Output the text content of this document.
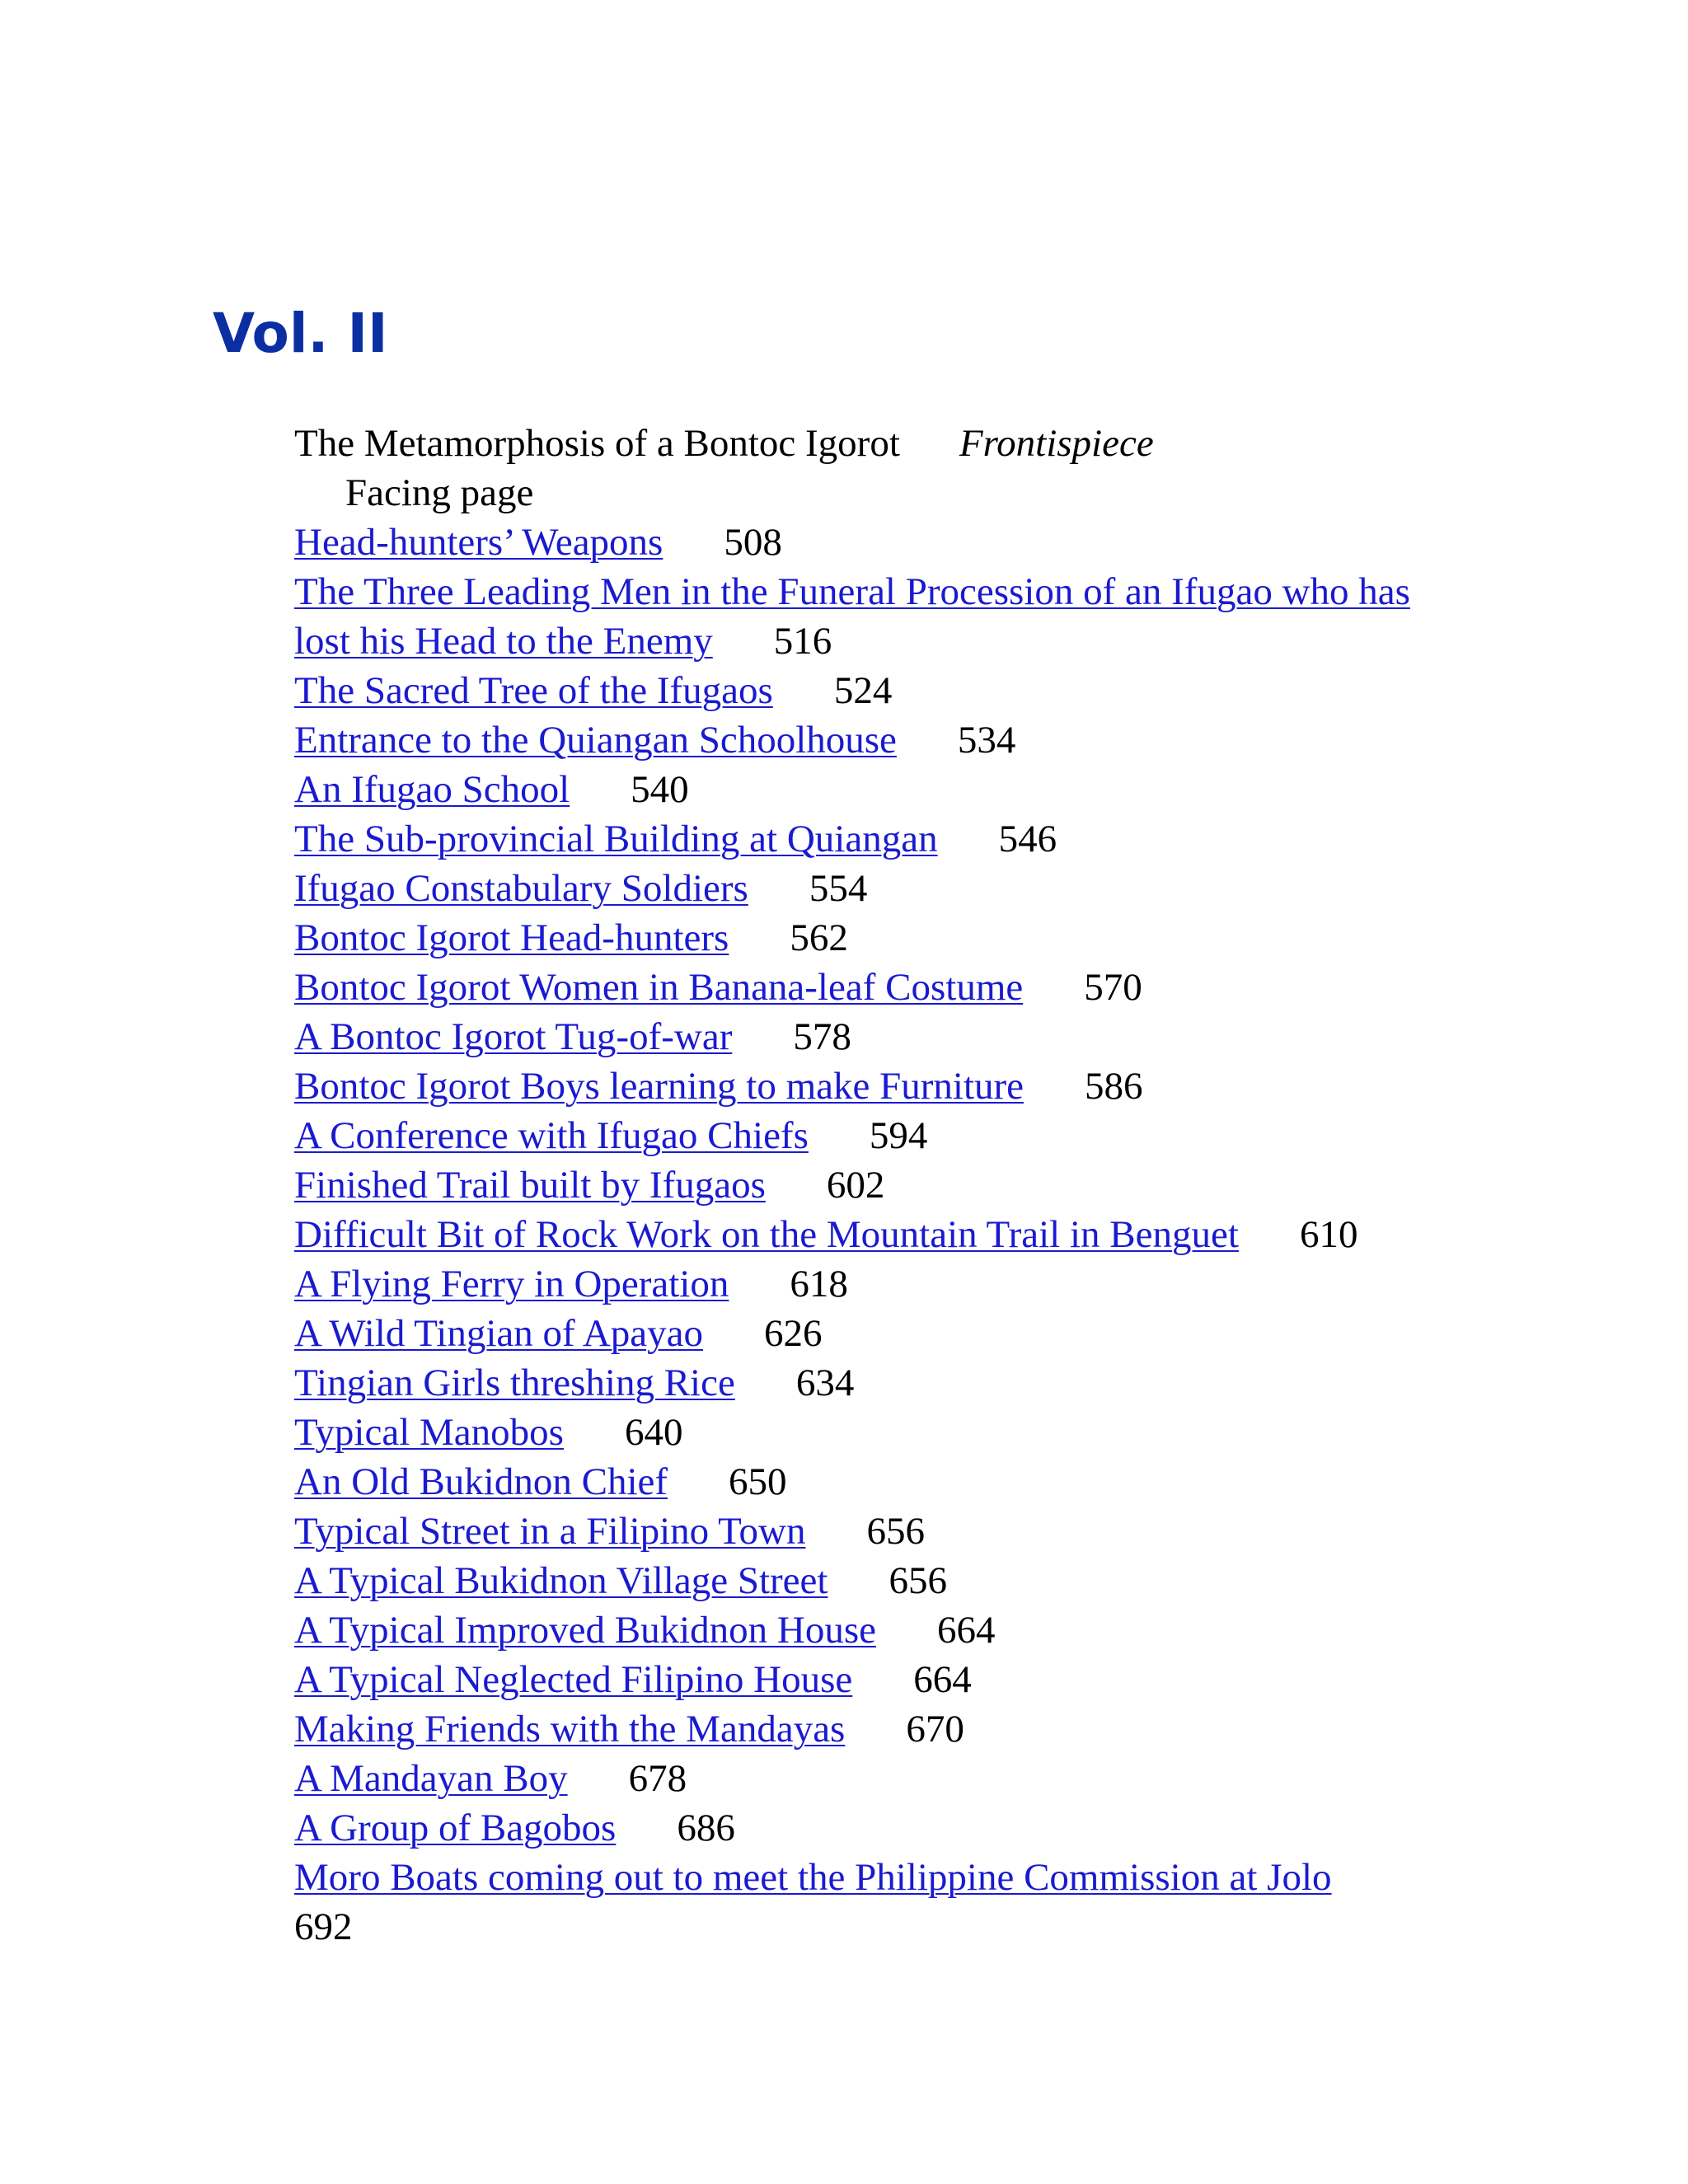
Vol. II
The Metamorphosis of a Bontoc Igorot Frontispiece
Facing page
Head-hunters’ Weapons 508
The Three Leading Men in the Funeral Procession of an Ifugao who has lost his Head to the Enemy 516
The Sacred Tree of the Ifugaos 524
Entrance to the Quiangan Schoolhouse 534
An Ifugao School 540
The Sub-provincial Building at Quiangan 546
Ifugao Constabulary Soldiers 554
Bontoc Igorot Head-hunters 562
Bontoc Igorot Women in Banana-leaf Costume 570
A Bontoc Igorot Tug-of-war 578
Bontoc Igorot Boys learning to make Furniture 586
A Conference with Ifugao Chiefs 594
Finished Trail built by Ifugaos 602
Difficult Bit of Rock Work on the Mountain Trail in Benguet 610
A Flying Ferry in Operation 618
A Wild Tingian of Apayao 626
Tingian Girls threshing Rice 634
Typical Manobos 640
An Old Bukidnon Chief 650
Typical Street in a Filipino Town 656
A Typical Bukidnon Village Street 656
A Typical Improved Bukidnon House 664
A Typical Neglected Filipino House 664
Making Friends with the Mandayas 670
A Mandayan Boy 678
A Group of Bagobos 686
Moro Boats coming out to meet the Philippine Commission at Jolo
692
